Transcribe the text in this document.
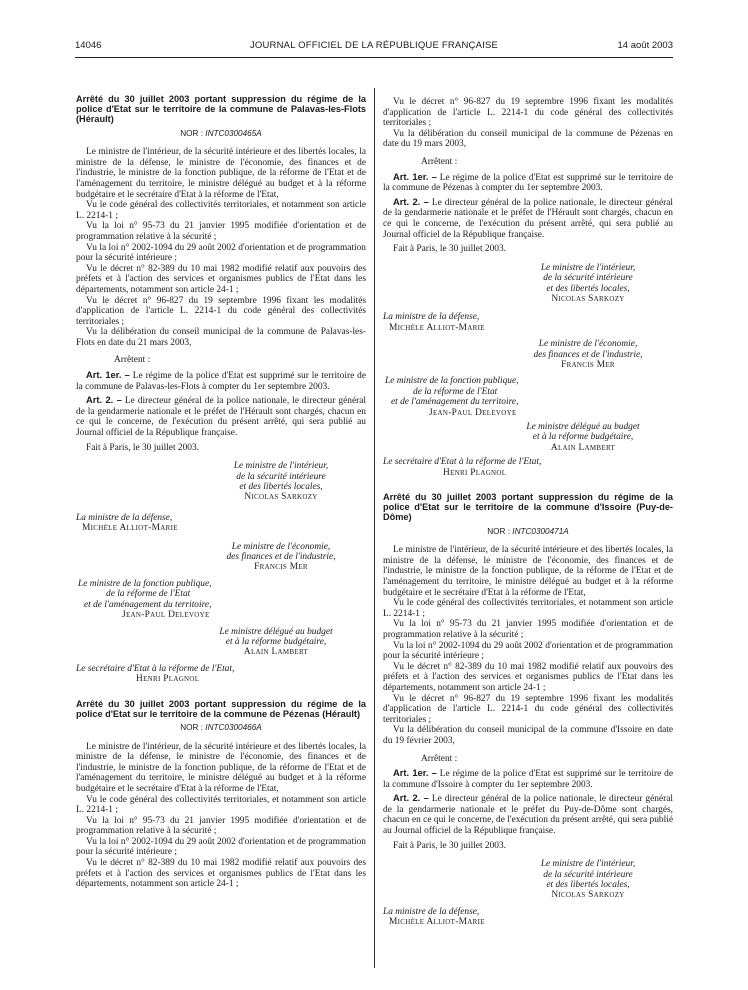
14046	JOURNAL OFFICIEL DE LA RÉPUBLIQUE FRANÇAISE	14 août 2003

Arrêté du 30 juillet 2003 portant suppression du régime de la police d'Etat sur le territoire de la commune de Palavas-les-Flots (Hérault)

NOR : INTC0300465A

Le ministre de l'intérieur, de la sécurité intérieure et des libertés locales, la ministre de la défense, le ministre de l'économie, des finances et de l'industrie, le ministre de la fonction publique, de la réforme de l'Etat et de l'aménagement du territoire, le ministre délégué au budget et à la réforme budgétaire et le secrétaire d'Etat à la réforme de l'Etat,

Vu le code général des collectivités territoriales, et notamment son article L. 2214-1 ;

Vu la loi n° 95-73 du 21 janvier 1995 modifiée d'orientation et de programmation relative à la sécurité ;

Vu la loi n° 2002-1094 du 29 août 2002 d'orientation et de programmation pour la sécurité intérieure ;

Vu le décret n° 82-389 du 10 mai 1982 modifié relatif aux pouvoirs des préfets et à l'action des services et organismes publics de l'Etat dans les départements, notamment son article 24-1 ;

Vu le décret n° 96-827 du 19 septembre 1996 fixant les modalités d'application de l'article L. 2214-1 du code général des collectivités territoriales ;

Vu la délibération du conseil municipal de la commune de Palavas-les-Flots en date du 21 mars 2003,

Arrêtent :

Art. 1er. – Le régime de la police d'Etat est supprimé sur le territoire de la commune de Palavas-les-Flots à compter du 1er septembre 2003.

Art. 2. – Le directeur général de la police nationale, le directeur général de la gendarmerie nationale et le préfet de l'Hérault sont chargés, chacun en ce qui le concerne, de l'exécution du présent arrêté, qui sera publié au Journal officiel de la République française.

Fait à Paris, le 30 juillet 2003.

Le ministre de l'intérieur,
de la sécurité intérieure
et des libertés locales,
Nicolas Sarkozy
La ministre de la défense,
Michèle Alliot-Marie
Le ministre de l'économie,
des finances et de l'industrie,
Francis Mer
Le ministre de la fonction publique,
de la réforme de l'Etat
et de l'aménagement du territoire,
Jean-Paul Delevoye
Le ministre délégué au budget
et à la réforme budgétaire,
Alain Lambert
Le secrétaire d'Etat à la réforme de l'Etat,
Henri Plagnol

Arrêté du 30 juillet 2003 portant suppression du régime de la police d'Etat sur le territoire de la commune de Pézenas (Hérault)

NOR : INTC0300466A

Le ministre de l'intérieur, de la sécurité intérieure et des libertés locales, la ministre de la défense, le ministre de l'économie, des finances et de l'industrie, le ministre de la fonction publique, de la réforme de l'Etat et de l'aménagement du territoire, le ministre délégué au budget et à la réforme budgétaire et le secrétaire d'Etat à la réforme de l'Etat,

Vu le code général des collectivités territoriales, et notamment son article L. 2214-1 ;

Vu la loi n° 95-73 du 21 janvier 1995 modifiée d'orientation et de programmation relative à la sécurité ;

Vu la loi n° 2002-1094 du 29 août 2002 d'orientation et de programmation pour la sécurité intérieure ;

Vu le décret n° 82-389 du 10 mai 1982 modifié relatif aux pouvoirs des préfets et à l'action des services et organismes publics de l'Etat dans les départements, notamment son article 24-1 ;

Vu le décret n° 96-827 du 19 septembre 1996 fixant les modalités d'application de l'article L. 2214-1 du code général des collectivités territoriales ;

Vu la délibération du conseil municipal de la commune de Pézenas en date du 19 mars 2003,

Arrêtent :

Art. 1er. – Le régime de la police d'Etat est supprimé sur le territoire de la commune de Pézenas à compter du 1er septembre 2003.

Art. 2. – Le directeur général de la police nationale, le directeur général de la gendarmerie nationale et le préfet de l'Hérault sont chargés, chacun en ce qui le concerne, de l'exécution du présent arrêté, qui sera publié au Journal officiel de la République française.

Fait à Paris, le 30 juillet 2003.

Le ministre de l'intérieur,
de la sécurité intérieure
et des libertés locales,
Nicolas Sarkozy
La ministre de la défense,
Michèle Alliot-Marie
Le ministre de l'économie,
des finances et de l'industrie,
Francis Mer
Le ministre de la fonction publique,
de la réforme de l'Etat
et de l'aménagement du territoire,
Jean-Paul Delevoye
Le ministre délégué au budget
et à la réforme budgétaire,
Alain Lambert
Le secrétaire d'Etat à la réforme de l'Etat,
Henri Plagnol

Arrêté du 30 juillet 2003 portant suppression du régime de la police d'Etat sur le territoire de la commune d'Issoire (Puy-de-Dôme)

NOR : INTC0300471A

Le ministre de l'intérieur, de la sécurité intérieure et des libertés locales, la ministre de la défense, le ministre de l'économie, des finances et de l'industrie, le ministre de la fonction publique, de la réforme de l'Etat et de l'aménagement du territoire, le ministre délégué au budget et à la réforme budgétaire et le secrétaire d'Etat à la réforme de l'Etat,

Vu le code général des collectivités territoriales, et notamment son article L. 2214-1 ;

Vu la loi n° 95-73 du 21 janvier 1995 modifiée d'orientation et de programmation relative à la sécurité ;

Vu la loi n° 2002-1094 du 29 août 2002 d'orientation et de programmation pour la sécurité intérieure ;

Vu le décret n° 82-389 du 10 mai 1982 modifié relatif aux pouvoirs des préfets et à l'action des services et organismes publics de l'Etat dans les départements, notamment son article 24-1 ;

Vu le décret n° 96-827 du 19 septembre 1996 fixant les modalités d'application de l'article L. 2214-1 du code général des collectivités territoriales ;

Vu la délibération du conseil municipal de la commune d'Issoire en date du 19 février 2003,

Arrêtent :

Art. 1er. – Le régime de la police d'Etat est supprimé sur le territoire de la commune d'Issoire à compter du 1er septembre 2003.

Art. 2. – Le directeur général de la police nationale, le directeur général de la gendarmerie nationale et le préfet du Puy-de-Dôme sont chargés, chacun en ce qui le concerne, de l'exécution du présent arrêté, qui sera publié au Journal officiel de la République française.

Fait à Paris, le 30 juillet 2003.

Le ministre de l'intérieur,
de la sécurité intérieure
et des libertés locales,
Nicolas Sarkozy
La ministre de la défense,
Michèle Alliot-Marie
